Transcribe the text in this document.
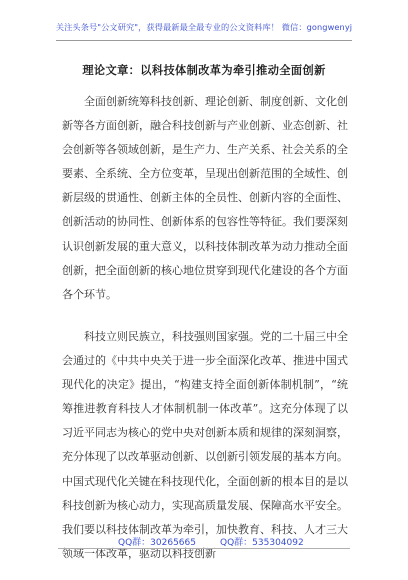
关注头条号"公文研究"，获得最新最全最专业的公文资料库！ 微信：gongwenyj
理论文章：以科技体制改革为牵引推动全面创新

全面创新统筹科技创新、理论创新、制度创新、文化创新等各方面创新，融合科技创新与产业创新、业态创新、社会创新等各领域创新，是生产力、生产关系、社会关系的全要素、全系统、全方位变革，呈现出创新范围的全域性、创新层级的贯通性、创新主体的全员性、创新内容的全面性、创新活动的协同性、创新体系的包容性等特征。我们要深刻认识创新发展的重大意义，以科技体制改革为动力推动全面创新，把全面创新的核心地位贯穿到现代化建设的各个方面各个环节。

科技立则民族立，科技强则国家强。党的二十届三中全会通过的《中共中央关于进一步全面深化改革、推进中国式现代化的决定》提出，“构建支持全面创新体制机制”，“统筹推进教育科技人才体制机制一体改革”。这充分体现了以习近平同志为核心的党中央对创新本质和规律的深刻洞察，充分体现了以改革驱动创新、以创新引领发展的基本方向。中国式现代化关键在科技现代化，全面创新的根本目的是以科技创新为核心动力，实现高质量发展、保障高水平安全。我们要以科技体制改革为牵引，加快教育、科技、人才三大领域一体改革，驱动以科技创新

QQ群：30265665	QQ群：535304092
